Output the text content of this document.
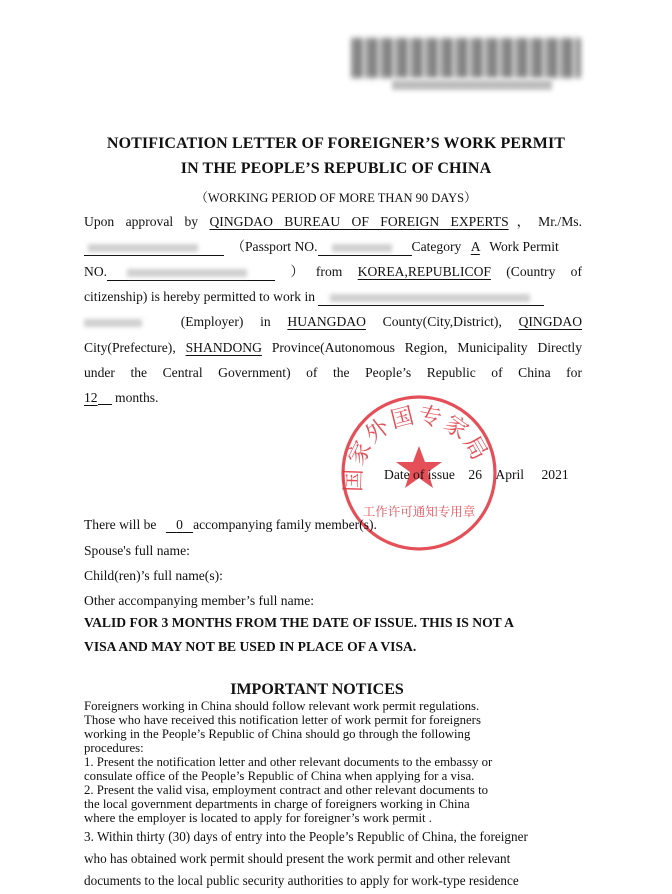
NOTIFICATION LETTER OF FOREIGNER’S WORK PERMIT
IN THE PEOPLE’S REPUBLIC OF CHINA
（WORKING PERIOD OF MORE THAN 90 DAYS）
Upon approval by QINGDAO BUREAU OF FOREIGN EXPERTS，Mr./Ms.
（Passport NO.	Category A Work Permit
NO.	）from KOREA,REPUBLICOF (Country of
citizenship) is hereby permitted to work in
(Employer) in HUANGDAO County(City,District), QINGDAO
City(Prefecture), SHANDONG Province(Autonomous Region, Municipality Directly
under the Central Government) of the People’s Republic of China for
12 months.
国家外国专家局
工作许可通知专用章
Date of issue 26 April 2021
There will be 0 accompanying family member(s).
Spouse's full name:
Child(ren)’s full name(s):
Other accompanying member’s full name:
VALID FOR 3 MONTHS FROM THE DATE OF ISSUE. THIS IS NOT A
VISA AND MAY NOT BE USED IN PLACE OF A VISA.
IMPORTANT NOTICES
Foreigners working in China should follow relevant work permit regulations.
Those who have received this notification letter of work permit for foreigners
working in the People’s Republic of China should go through the following
procedures:
1. Present the notification letter and other relevant documents to the embassy or
consulate office of the People’s Republic of China when applying for a visa.
2. Present the valid visa, employment contract and other relevant documents to
the local government departments in charge of foreigners working in China
where the employer is located to apply for foreigner’s work permit .
3. Within thirty (30) days of entry into the People’s Republic of China, the foreigner
who has obtained work permit should present the work permit and other relevant
documents to the local public security authorities to apply for work-type residence
